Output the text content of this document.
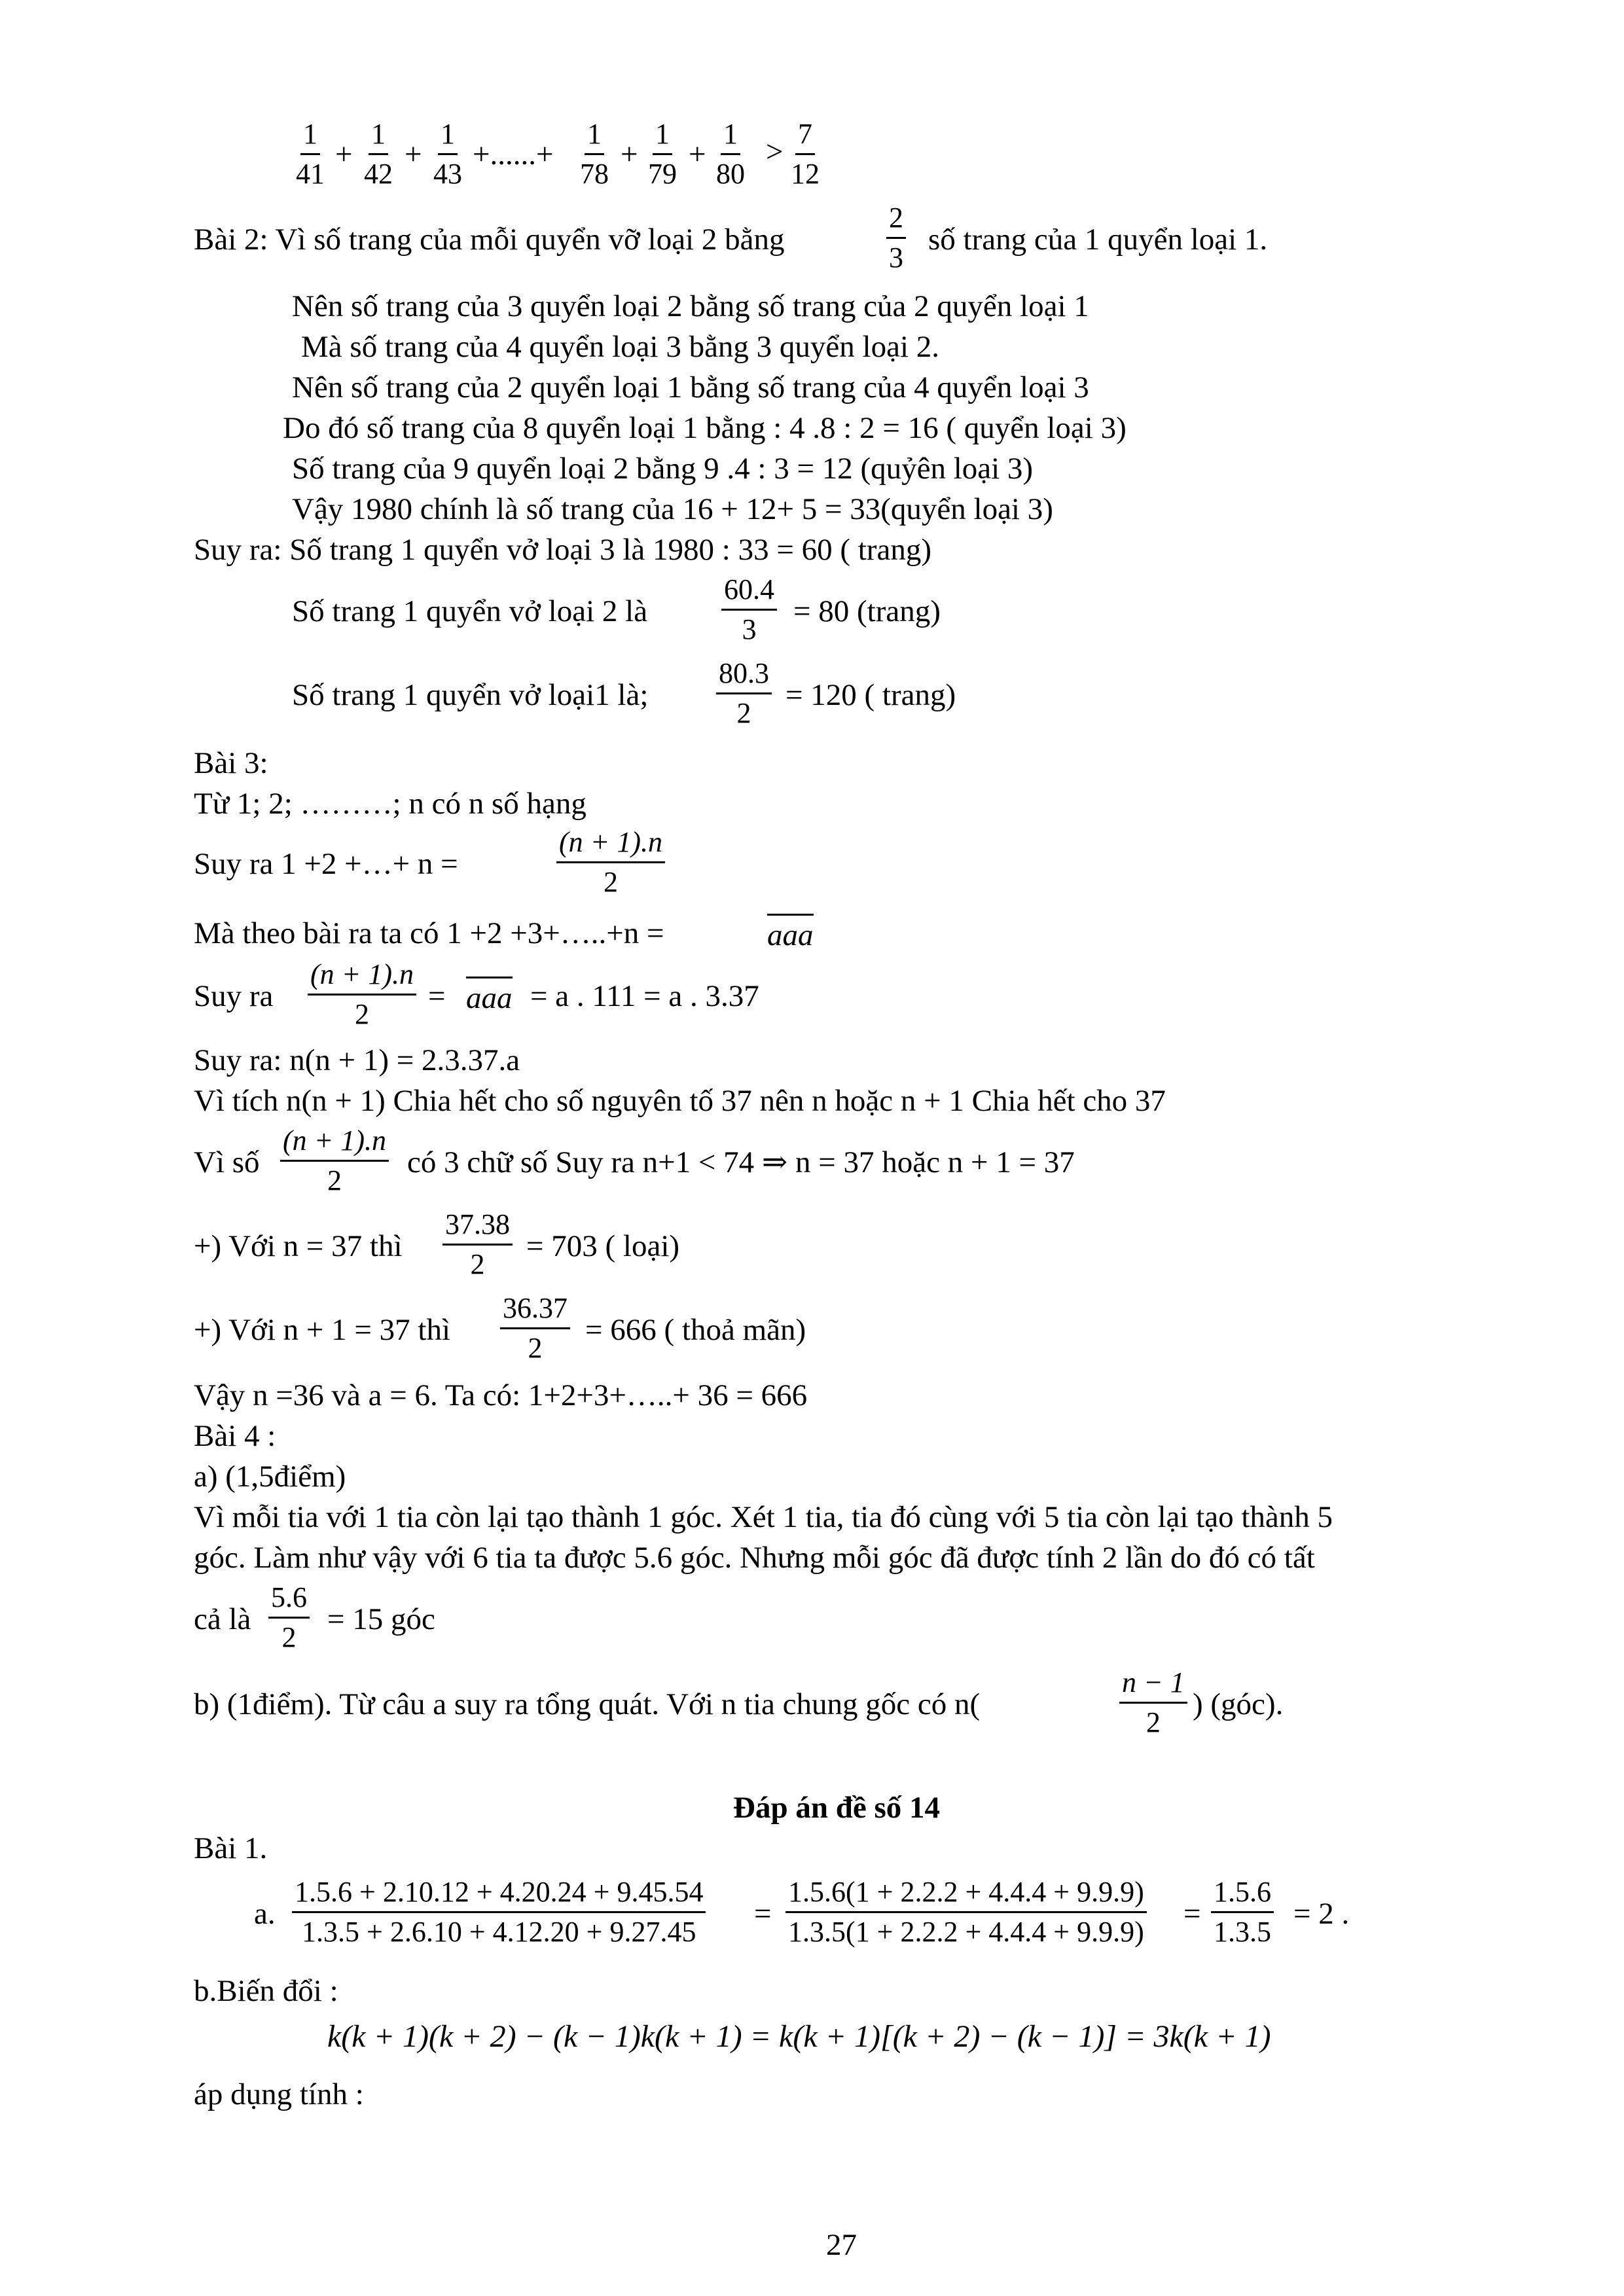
$\frac{1}{41} + \frac{1}{42} + \frac{1}{43}$ +......+ $\frac{1}{78} + \frac{1}{79} + \frac{1}{80} > \frac{7}{12}$
Bài 2: Vì số trang của mỗi quyển vỡ loại 2 bằng	$\frac{2}{3}$ số trang của 1 quyển loại 1.
Nên số trang của 3 quyển loại 2 bằng số trang của 2 quyển loại 1
Mà số trang của 4 quyển loại 3 bằng 3 quyển loại 2.
Nên số trang của 2 quyển loại 1 bằng số trang của 4 quyển loại 3
Do đó số trang của 8 quyển loại 1 bằng : 4 .8 : 2 = 16 ( quyển loại 3)
Số trang của 9 quyển loại 2 bằng 9 .4 : 3 = 12 (quỷên loại 3)
Vậy 1980 chính là số trang của 16 + 12+ 5 = 33(quyển loại 3)
Suy ra: Số trang 1 quyển vở loại 3 là 1980 : 33 = 60 ( trang)
Số trang 1 quyển vở loại 2 là	$\frac{60.4}{3} = 80$ (trang)
Số trang 1 quyển vở loại1 là; $\frac{80.3}{2} = 120$ ( trang)
Bài 3:
Từ 1; 2; ………; n có n số hạng
Suy ra 1 +2 +…+ n =	$\frac{(n + 1).n}{2}$
Mà theo bài ra ta có 1 +2 +3+…..+n =	aaa
Suy ra $\frac{(n + 1).n}{2}$ = aaa = a . 111 = a . 3.37
Suy ra: n(n + 1) = 2.3.37.a
Vì tích n(n + 1) Chia hết cho số nguyên tố 37 nên n hoặc n + 1 Chia hết cho 37
Vì số $\frac{(n + 1).n}{2}$ có 3 chữ số Suy ra n+1 < 74 ⇒ n = 37 hoặc n + 1 = 37
+) Với n = 37 thì $\frac{37.38}{2} = 703$ ( loại)
+) Với n + 1 = 37 thì $\frac{36.37}{2} = 666$ ( thoả mãn)
Vậy n =36 và a = 6. Ta có: 1+2+3+…..+ 36 = 666
Bài 4 :
a) (1,5điểm)
Vì mỗi tia với 1 tia còn lại tạo thành 1 góc. Xét 1 tia, tia đó cùng với 5 tia còn lại tạo thành 5
góc. Làm như vậy với 6 tia ta được 5.6 góc. Nhưng mỗi góc đã được tính 2 lần do đó có tất
cả là $\frac{5.6}{2} = 15$ góc
b) (1điểm). Từ câu a suy ra tổng quát. Với n tia chung gốc có n(	$\frac{n - 1}{2}$ ) (góc).
Đáp án đề số 14
Bài 1.
a. $\frac{1.5.6 + 2.10.12 + 4.20.24 + 9.45.54}{1.3.5 + 2.6.10 + 4.12.20 + 9.27.45} = \frac{1.5.6(1 + 2.2.2 + 4.4.4 + 9.9.9)}{1.3.5(1 + 2.2.2 + 4.4.4 + 9.9.9)} = \frac{1.5.6}{1.3.5} = 2$ .
b.Biến đổi :
k(k + 1)(k + 2) − (k − 1)k(k + 1) = k(k + 1)[(k + 2) − (k − 1)] = 3k(k + 1)
áp dụng tính :
27
